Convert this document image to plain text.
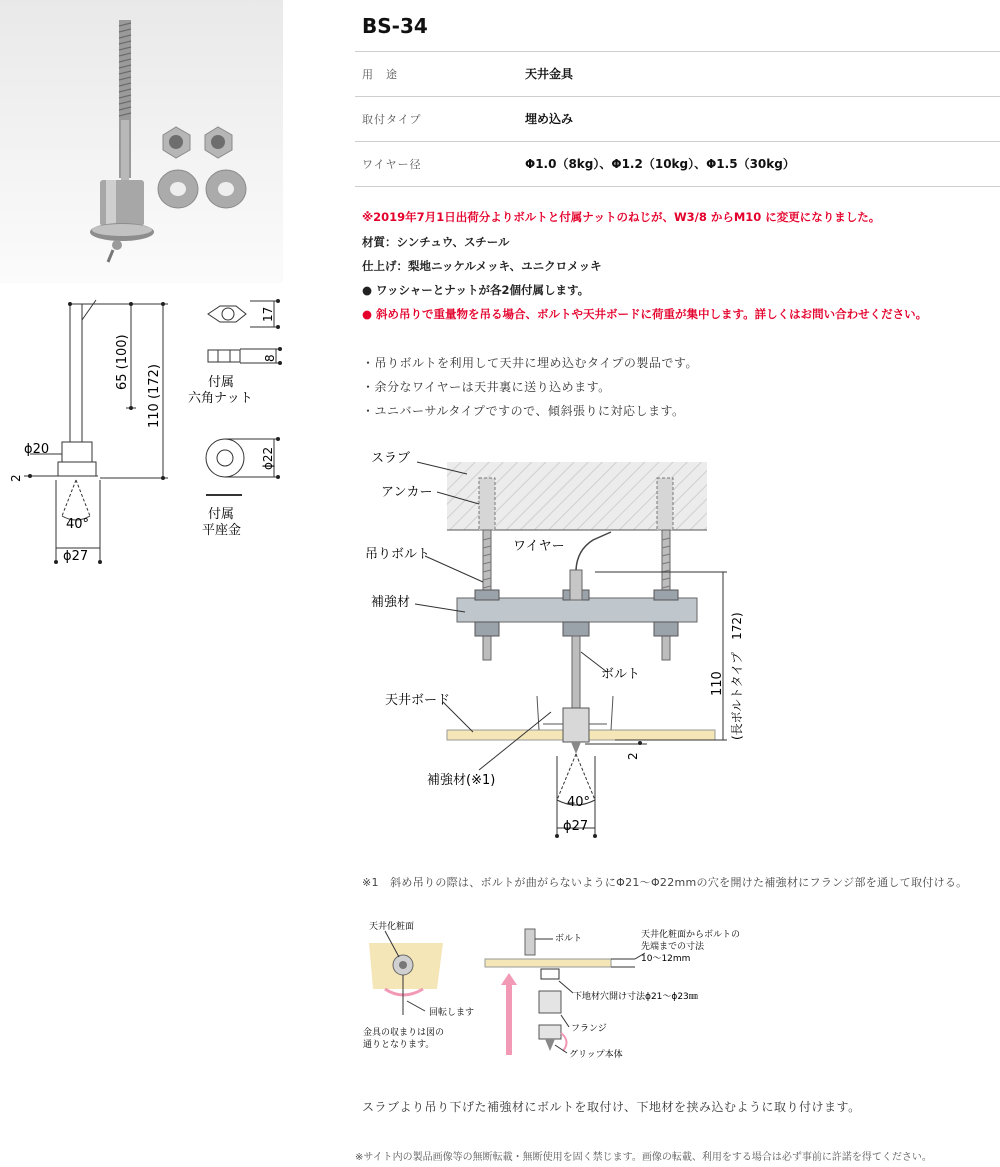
65 (100)
110 (172)
ϕ20
2
40°
ϕ27
17
8
付属
六角ナット
ϕ22
付属
平座金
BS-34
用　途	天井金具
取付タイプ	埋め込み
ワイヤー径	Φ1.0（8kg）、Φ1.2（10kg）、Φ1.5（30kg）
※2019年7月1日出荷分よりボルトと付属ナットのねじが、W3/8 からM10 に変更になりました。
材質：シンチュウ、スチール
仕上げ：梨地ニッケルメッキ、ユニクロメッキ
● ワッシャーとナットが各2個付属します。
● 斜め吊りで重量物を吊る場合、ボルトや天井ボードに荷重が集中します。詳しくはお問い合わせください。
・吊りボルトを利用して天井に埋め込むタイプの製品です。
・余分なワイヤーは天井裏に送り込めます。
・ユニバーサルタイプですので、傾斜張りに対応します。
スラブ
アンカー
吊りボルト
ワイヤー
補強材
ボルト
天井ボード
補強材(※1)
110 (長ボルトタイプ　172)
2
40°
ϕ27
※1　斜め吊りの際は、ボルトが曲がらないようにΦ21〜Φ22mmの穴を開けた補強材にフランジ部を通して取付ける。
天井化粧面
回転します
金具の収まりは図の
通りとなります。
ボルト	天井化粧面からボルトの
先端までの寸法
10〜12mm
下地材穴開け寸法ϕ21〜ϕ23㎜
フランジ
グリップ本体
スラブより吊り下げた補強材にボルトを取付け、下地材を挟み込むように取り付けます。
※サイト内の製品画像等の無断転載・無断使用を固く禁じます。画像の転載、利用をする場合は必ず事前に許諾を得てください。
